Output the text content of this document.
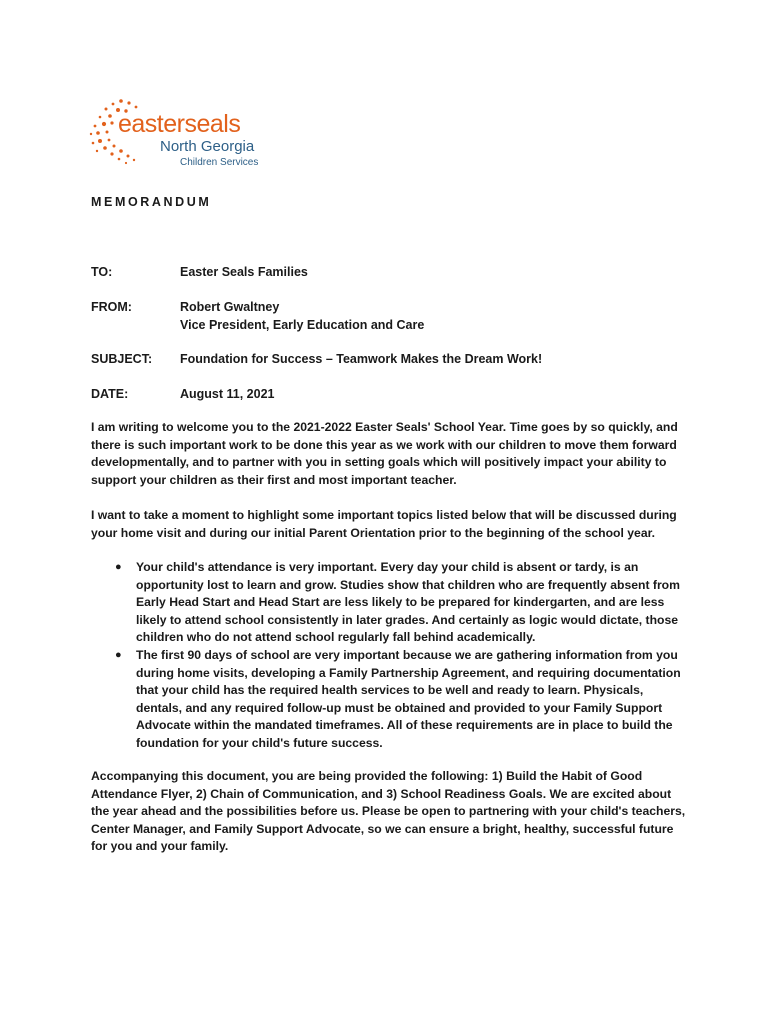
easterseals
North Georgia
Children Services
MEMORANDUM
TO:	Easter Seals Families
FROM:	Robert Gwaltney
Vice President, Early Education and Care
SUBJECT: Foundation for Success – Teamwork Makes the Dream Work!
DATE:	August 11, 2021

I am writing to welcome you to the 2021-2022 Easter Seals' School Year. Time goes by so quickly, and there is such important work to be done this year as we work with our children to move them forward developmentally, and to partner with you in setting goals which will positively impact your ability to support your children as their first and most important teacher.

I want to take a moment to highlight some important topics listed below that will be discussed during your home visit and during our initial Parent Orientation prior to the beginning of the school year.

● Your child's attendance is very important. Every day your child is absent or tardy, is an opportunity lost to learn and grow. Studies show that children who are frequently absent from Early Head Start and Head Start are less likely to be prepared for kindergarten, and are less likely to attend school consistently in later grades. And certainly as logic would dictate, those children who do not attend school regularly fall behind academically.
● The first 90 days of school are very important because we are gathering information from you during home visits, developing a Family Partnership Agreement, and requiring documentation that your child has the required health services to be well and ready to learn. Physicals, dentals, and any required follow-up must be obtained and provided to your Family Support Advocate within the mandated timeframes. All of these requirements are in place to build the foundation for your child's future success.

Accompanying this document, you are being provided the following: 1) Build the Habit of Good Attendance Flyer, 2) Chain of Communication, and 3) School Readiness Goals. We are excited about the year ahead and the possibilities before us. Please be open to partnering with your child's teachers, Center Manager, and Family Support Advocate, so we can ensure a bright, healthy, successful future for you and your family.
